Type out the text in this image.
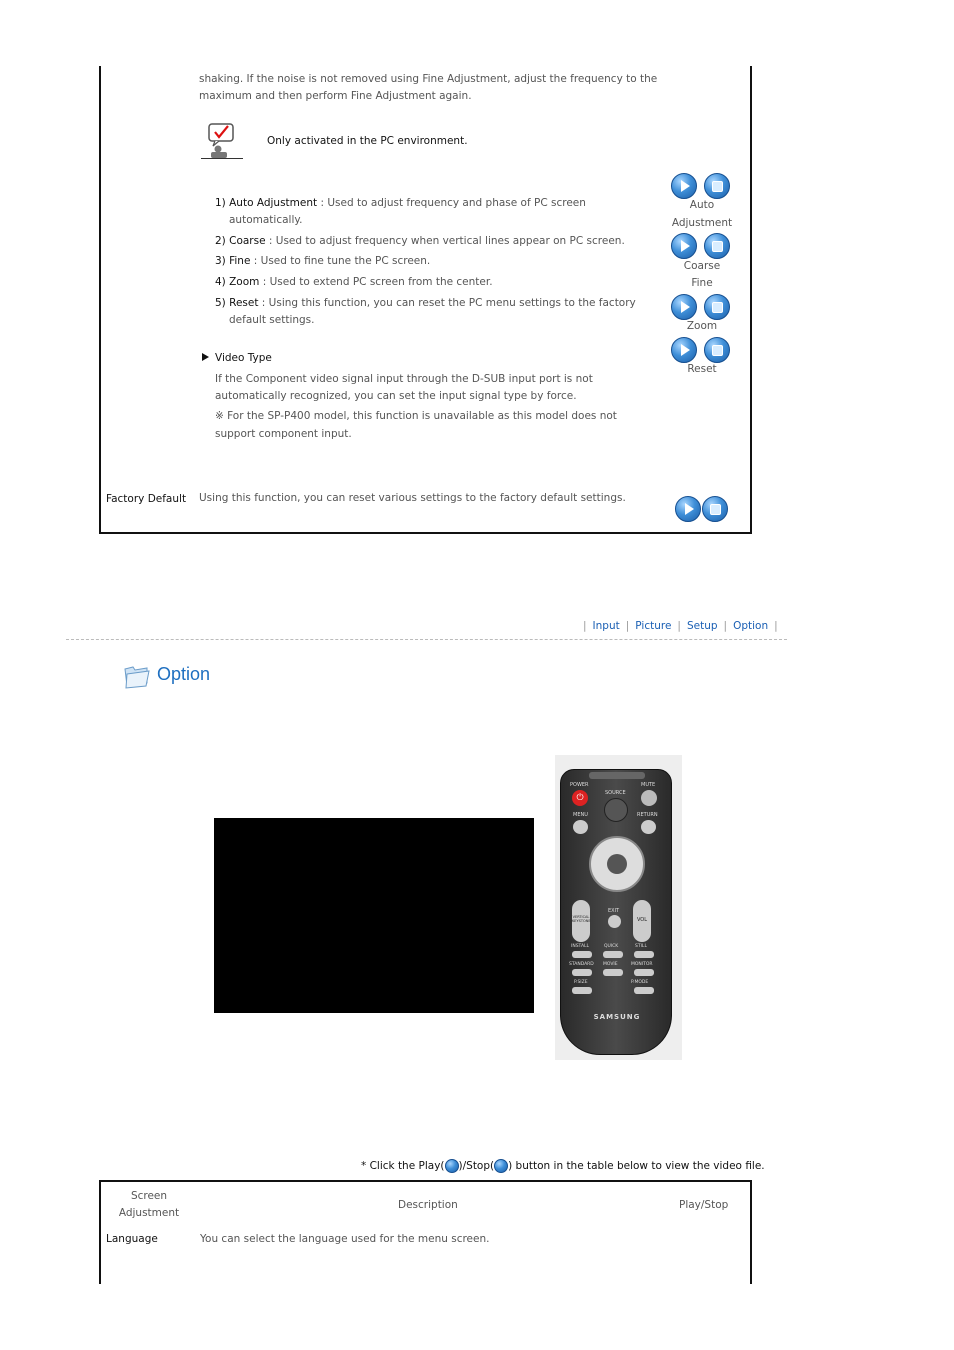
shaking. If the noise is not removed using Fine Adjustment, adjust the frequency to the
maximum and then perform Fine Adjustment again.
Only activated in the PC environment.
1) Auto Adjustment : Used to adjust frequency and phase of PC screen
automatically.
2) Coarse : Used to adjust frequency when vertical lines appear on PC screen.
3) Fine : Used to fine tune the PC screen.
4) Zoom : Used to extend PC screen from the center.
5) Reset : Using this function, you can reset the PC menu settings to the factory
default settings.
Video Type
If the Component video signal input through the D-SUB input port is not
automatically recognized, you can set the input signal type by force.
※ For the SP-P400 model, this function is unavailable as this model does not
support component input.
Auto
Adjustment
Coarse
Fine
Zoom
Reset
Factory Default Using this function, you can reset various settings to the factory default settings.
| Input | Picture | Setup | Option |
Option
POWER
⏻
MUTE
SOURCE
MENU	RETURN
EXIT
VERTICAL KEYSTONE	VOL
INSTALL	QUICK	STILL
STANDARD MOVIE	MONITOR
P.SIZE	P.MODE
SAMSUNG
* Click the Play( )/Stop( ) button in the table below to view the video file.
Screen
Adjustment
Description	Play/Stop
Language	You can select the language used for the menu screen.
